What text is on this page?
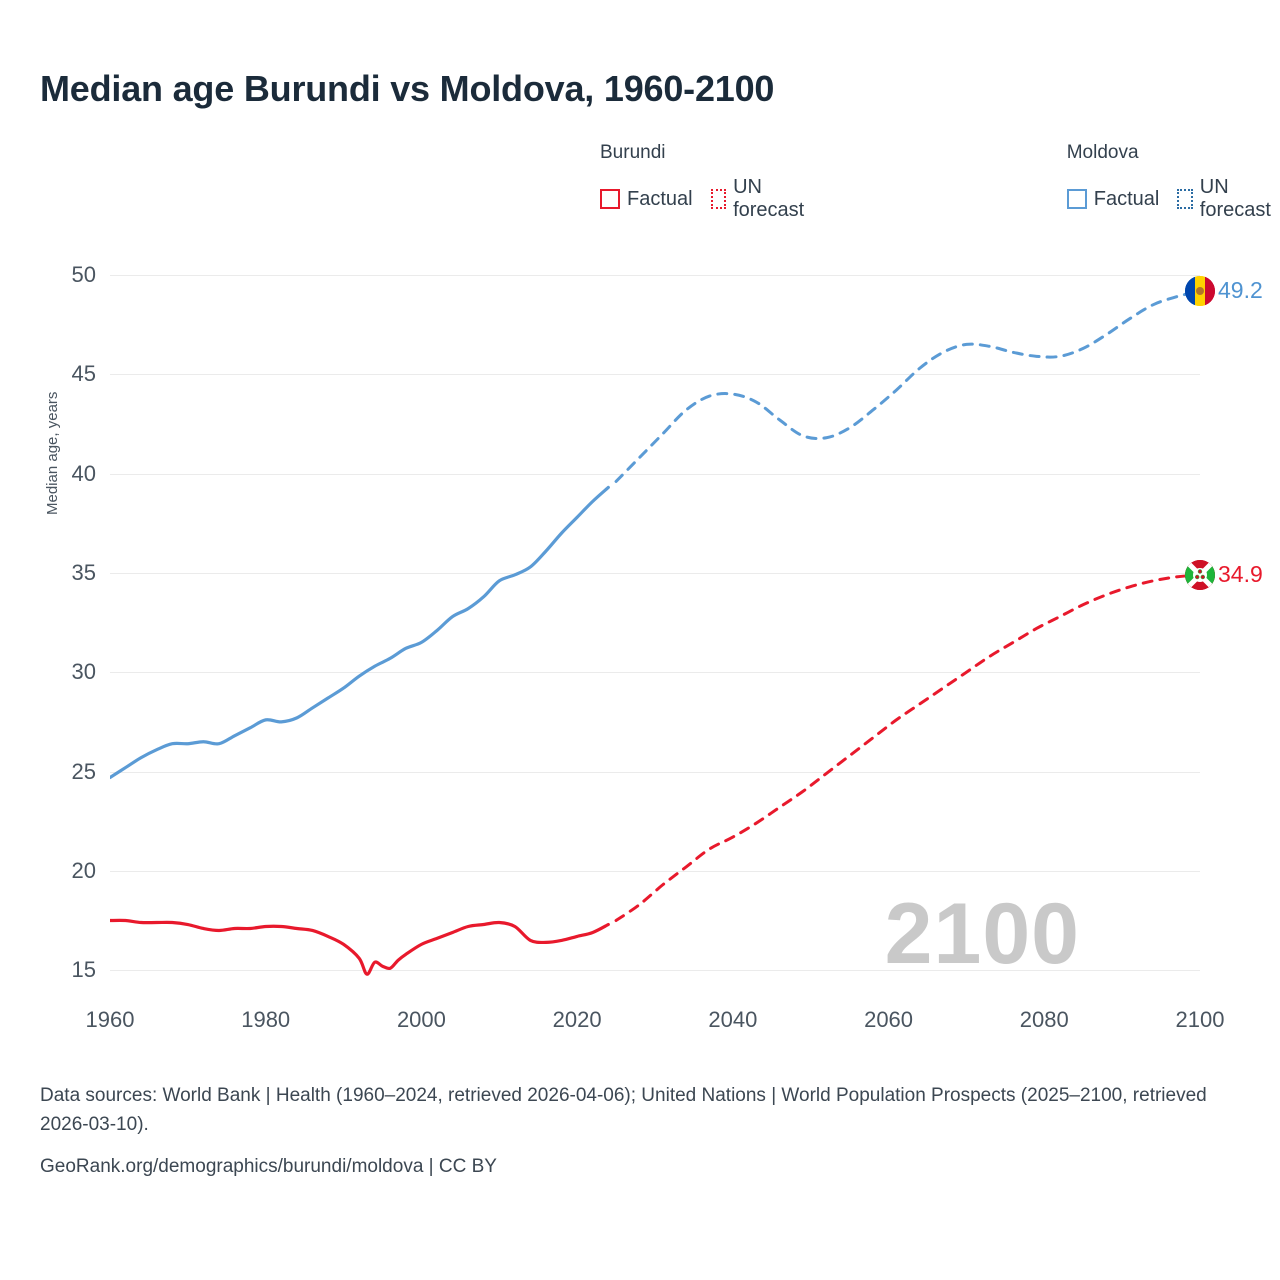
Median age Burundi vs Moldova, 1960-2100
Burundi
Factual
UN forecast
Moldova
Factual
UN forecast
Median age, years
15
20
25
30
35
40
45
50
1960	1980	2000	2020	2040	2060	2080	2100
2100
49.2
34.9
Data sources: World Bank | Health (1960–2024, retrieved 2026-04-06); United Nations | World Population Prospects (2025–2100, retrieved 2026-03-10).
GeoRank.org/demographics/burundi/moldova | CC BY
